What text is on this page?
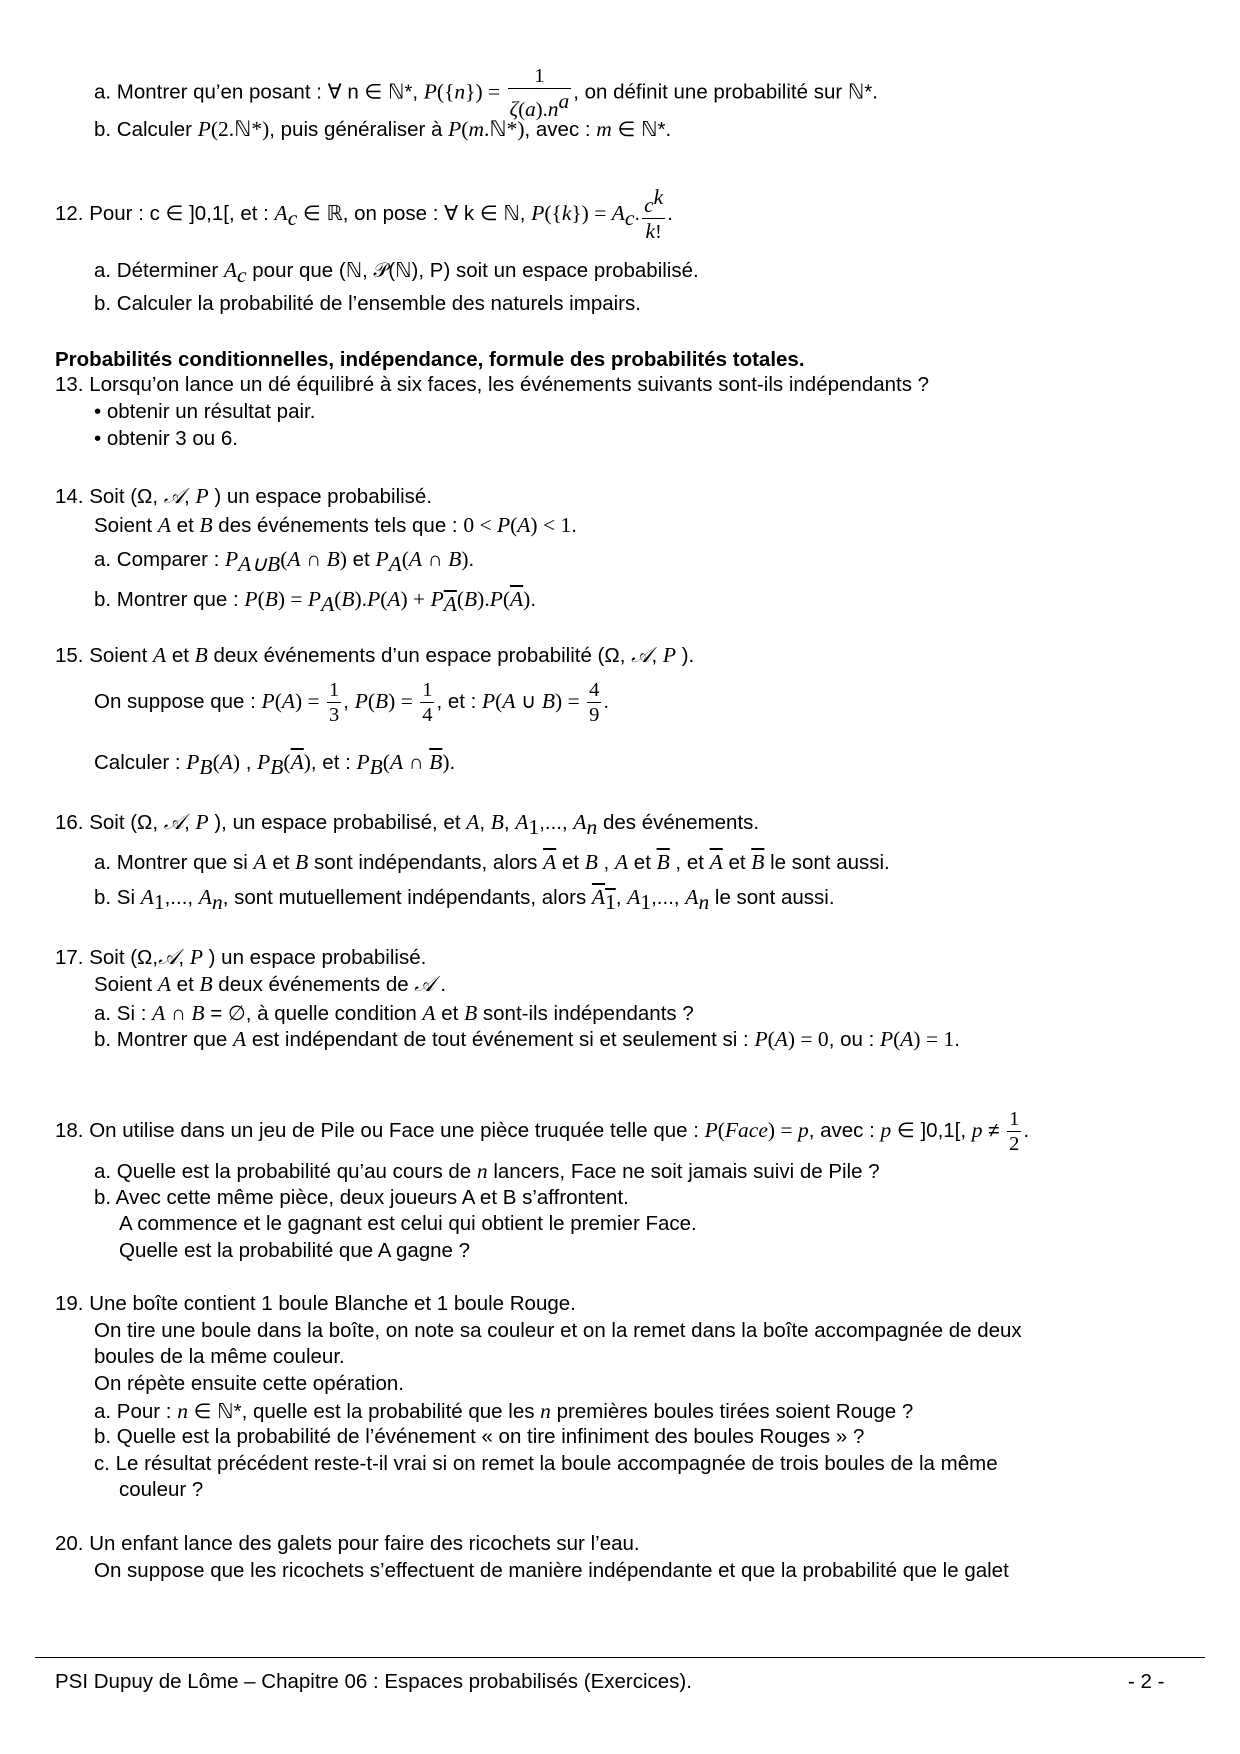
a. Montrer qu’en posant : ∀ n ∈ ℕ*, $P(\{n\}) = \frac{1}{\zeta(a).n^a}$ , on définit une probabilité sur ℕ*.
b. Calculer P(2.ℕ*), puis généraliser à P(m.ℕ*), avec : m ∈ ℕ*.
12. Pour : c ∈ ]0,1[, et : $A_c$ ∈ ℝ, on pose : ∀ k ∈ ℕ, $P(\{k\}) = A_c$. $\frac{c^k}{k!}$ .
a. Déterminer $A_c$ pour que (ℕ, 𝒫(ℕ), P) soit un espace probabilisé.
b. Calculer la probabilité de l’ensemble des naturels impairs.
Probabilités conditionnelles, indépendance, formule des probabilités totales.
13. Lorsqu’on lance un dé équilibré à six faces, les événements suivants sont-ils indépendants ?
• obtenir un résultat pair.
• obtenir 3 ou 6.
14. Soit (Ω, 𝒜, P ) un espace probabilisé.
Soient A et B des événements tels que : 0 < P(A) < 1.
a. Comparer : $P_{A\cup B}(A$ ∩ B) et $P_A(A$ ∩ B).
b. Montrer que : $P(B) = P_A(B).P(A) + P_{\overline{A}}(B).P(\overline{A})$.
15. Soient A et B deux événements d’un espace probabilité (Ω, 𝒜, P ).
On suppose que : $P(A) = \frac{1}{3}$ , $P(B) = \frac{1}{4}$ , et : P(A ∪ $B) = \frac{4}{9}$ .
Calculer : $P_B(A)$ , $P_B(\overline{A})$, et : $P_B(A$ ∩ $\overline{B}$).
16. Soit (Ω, 𝒜, P ), un espace probabilisé, et A, B, $A_1$,..., $A_n$ des événements.
a. Montrer que si A et B sont indépendants, alors $\overline{A}$ et B , A et $\overline{B}$ , et $\overline{A}$ et $\overline{B}$ le sont aussi.
b. Si $A_1$,..., $A_n$, sont mutuellement indépendants, alors $\overline{A}_1$, $A_1$,..., $A_n$ le sont aussi.
17. Soit (Ω,𝒜, P ) un espace probabilisé.
Soient A et B deux événements de 𝒜 .
a. Si : A ∩ B = ∅, à quelle condition A et B sont-ils indépendants ?
b. Montrer que A est indépendant de tout événement si et seulement si : P(A) = 0, ou : P(A) = 1.
18. On utilise dans un jeu de Pile ou Face une pièce truquée telle que : P(Face) = p, avec : p ∈ ]0,1[, $p \ne \frac{1}{2}$ .
a. Quelle est la probabilité qu’au cours de n lancers, Face ne soit jamais suivi de Pile ?
b. Avec cette même pièce, deux joueurs A et B s’affrontent.
A commence et le gagnant est celui qui obtient le premier Face.
Quelle est la probabilité que A gagne ?
19. Une boîte contient 1 boule Blanche et 1 boule Rouge.
On tire une boule dans la boîte, on note sa couleur et on la remet dans la boîte accompagnée de deux
boules de la même couleur.
On répète ensuite cette opération.
a. Pour : n ∈ ℕ*, quelle est la probabilité que les n premières boules tirées soient Rouge ?
b. Quelle est la probabilité de l’événement « on tire infiniment des boules Rouges » ?
c. Le résultat précédent reste-t-il vrai si on remet la boule accompagnée de trois boules de la même
couleur ?
20. Un enfant lance des galets pour faire des ricochets sur l’eau.
On suppose que les ricochets s’effectuent de manière indépendante et que la probabilité que le galet
PSI Dupuy de Lôme – Chapitre 06 : Espaces probabilisés (Exercices).	- 2 -
